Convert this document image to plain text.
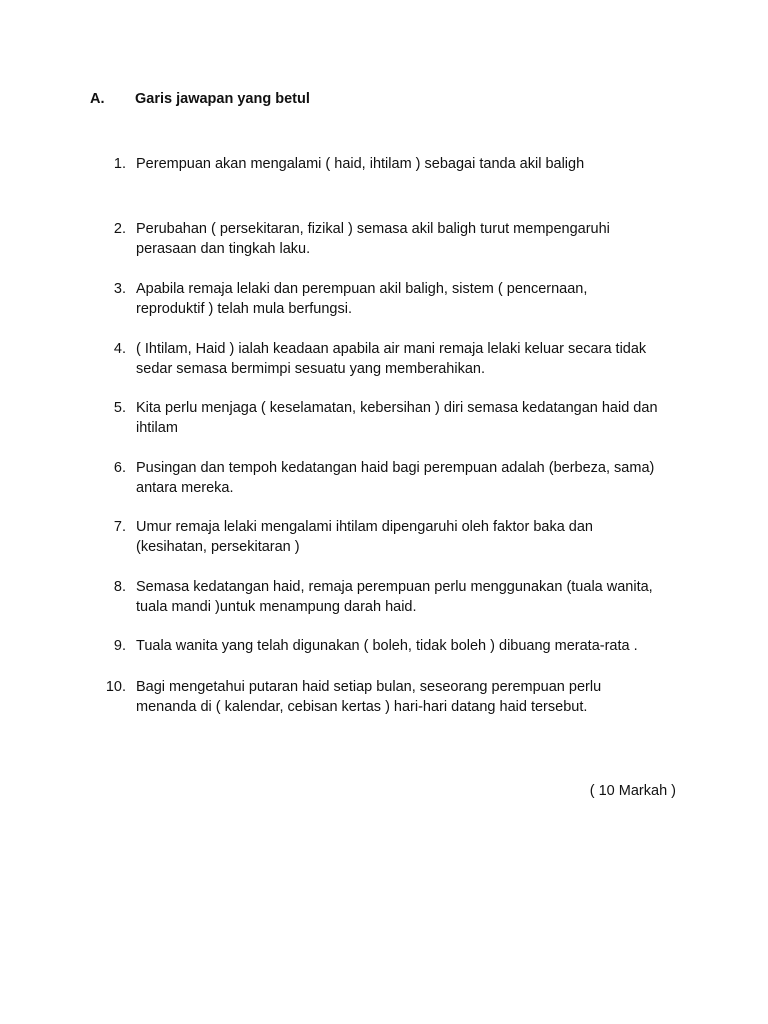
A. Garis jawapan yang betul
1. Perempuan akan mengalami ( haid, ihtilam ) sebagai tanda akil baligh
2. Perubahan ( persekitaran, fizikal ) semasa akil baligh turut mempengaruhi
perasaan dan tingkah laku.
3. Apabila remaja lelaki dan perempuan akil baligh, sistem ( pencernaan,
reproduktif ) telah mula berfungsi.
4. ( Ihtilam, Haid ) ialah keadaan apabila air mani remaja lelaki keluar secara tidak
sedar semasa bermimpi sesuatu yang memberahikan.
5. Kita perlu menjaga ( keselamatan, kebersihan ) diri semasa kedatangan haid dan
ihtilam
6. Pusingan dan tempoh kedatangan haid bagi perempuan adalah (berbeza, sama)
antara mereka.
7. Umur remaja lelaki mengalami ihtilam dipengaruhi oleh faktor baka dan
(kesihatan, persekitaran )
8. Semasa kedatangan haid, remaja perempuan perlu menggunakan (tuala wanita,
tuala mandi )untuk menampung darah haid.
9. Tuala wanita yang telah digunakan ( boleh, tidak boleh ) dibuang merata-rata .
10. Bagi mengetahui putaran haid setiap bulan, seseorang perempuan perlu
menanda di ( kalendar, cebisan kertas ) hari-hari datang haid tersebut.
( 10 Markah )
